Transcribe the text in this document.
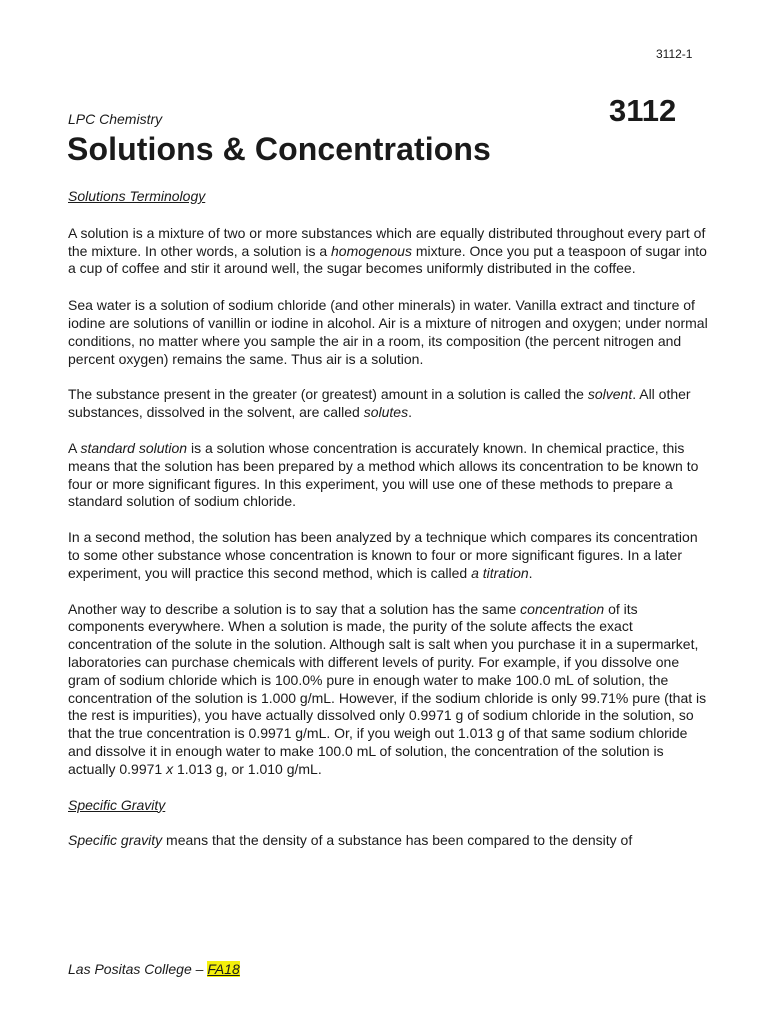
3112-1
LPC Chemistry	3112
Solutions & Concentrations

Solutions Terminology

A solution is a mixture of two or more substances which are equally distributed throughout every part of the mixture. In other words, a solution is a homogenous mixture. Once you put a teaspoon of sugar into a cup of coffee and stir it around well, the sugar becomes uniformly distributed in the coffee.

Sea water is a solution of sodium chloride (and other minerals) in water. Vanilla extract and tincture of iodine are solutions of vanillin or iodine in alcohol. Air is a mixture of nitrogen and oxygen; under normal conditions, no matter where you sample the air in a room, its composition (the percent nitrogen and percent oxygen) remains the same. Thus air is a solution.

The substance present in the greater (or greatest) amount in a solution is called the solvent. All other substances, dissolved in the solvent, are called solutes.

A standard solution is a solution whose concentration is accurately known. In chemical practice, this means that the solution has been prepared by a method which allows its concentration to be known to four or more significant figures. In this experiment, you will use one of these methods to prepare a standard solution of sodium chloride.

In a second method, the solution has been analyzed by a technique which compares its concentration to some other substance whose concentration is known to four or more significant figures. In a later experiment, you will practice this second method, which is called a titration.

Another way to describe a solution is to say that a solution has the same concentration of its components everywhere. When a solution is made, the purity of the solute affects the exact concentration of the solute in the solution. Although salt is salt when you purchase it in a supermarket, laboratories can purchase chemicals with different levels of purity. For example, if you dissolve one gram of sodium chloride which is 100.0% pure in enough water to make 100.0 mL of solution, the concentration of the solution is 1.000 g/mL. However, if the sodium chloride is only 99.71% pure (that is the rest is impurities), you have actually dissolved only 0.9971 g of sodium chloride in the solution, so that the true concentration is 0.9971 g/mL. Or, if you weigh out 1.013 g of that same sodium chloride and dissolve it in enough water to make 100.0 mL of solution, the concentration of the solution is actually 0.9971 x 1.013 g, or 1.010 g/mL.

Specific Gravity

Specific gravity means that the density of a substance has been compared to the density of

Las Positas College – FA18
